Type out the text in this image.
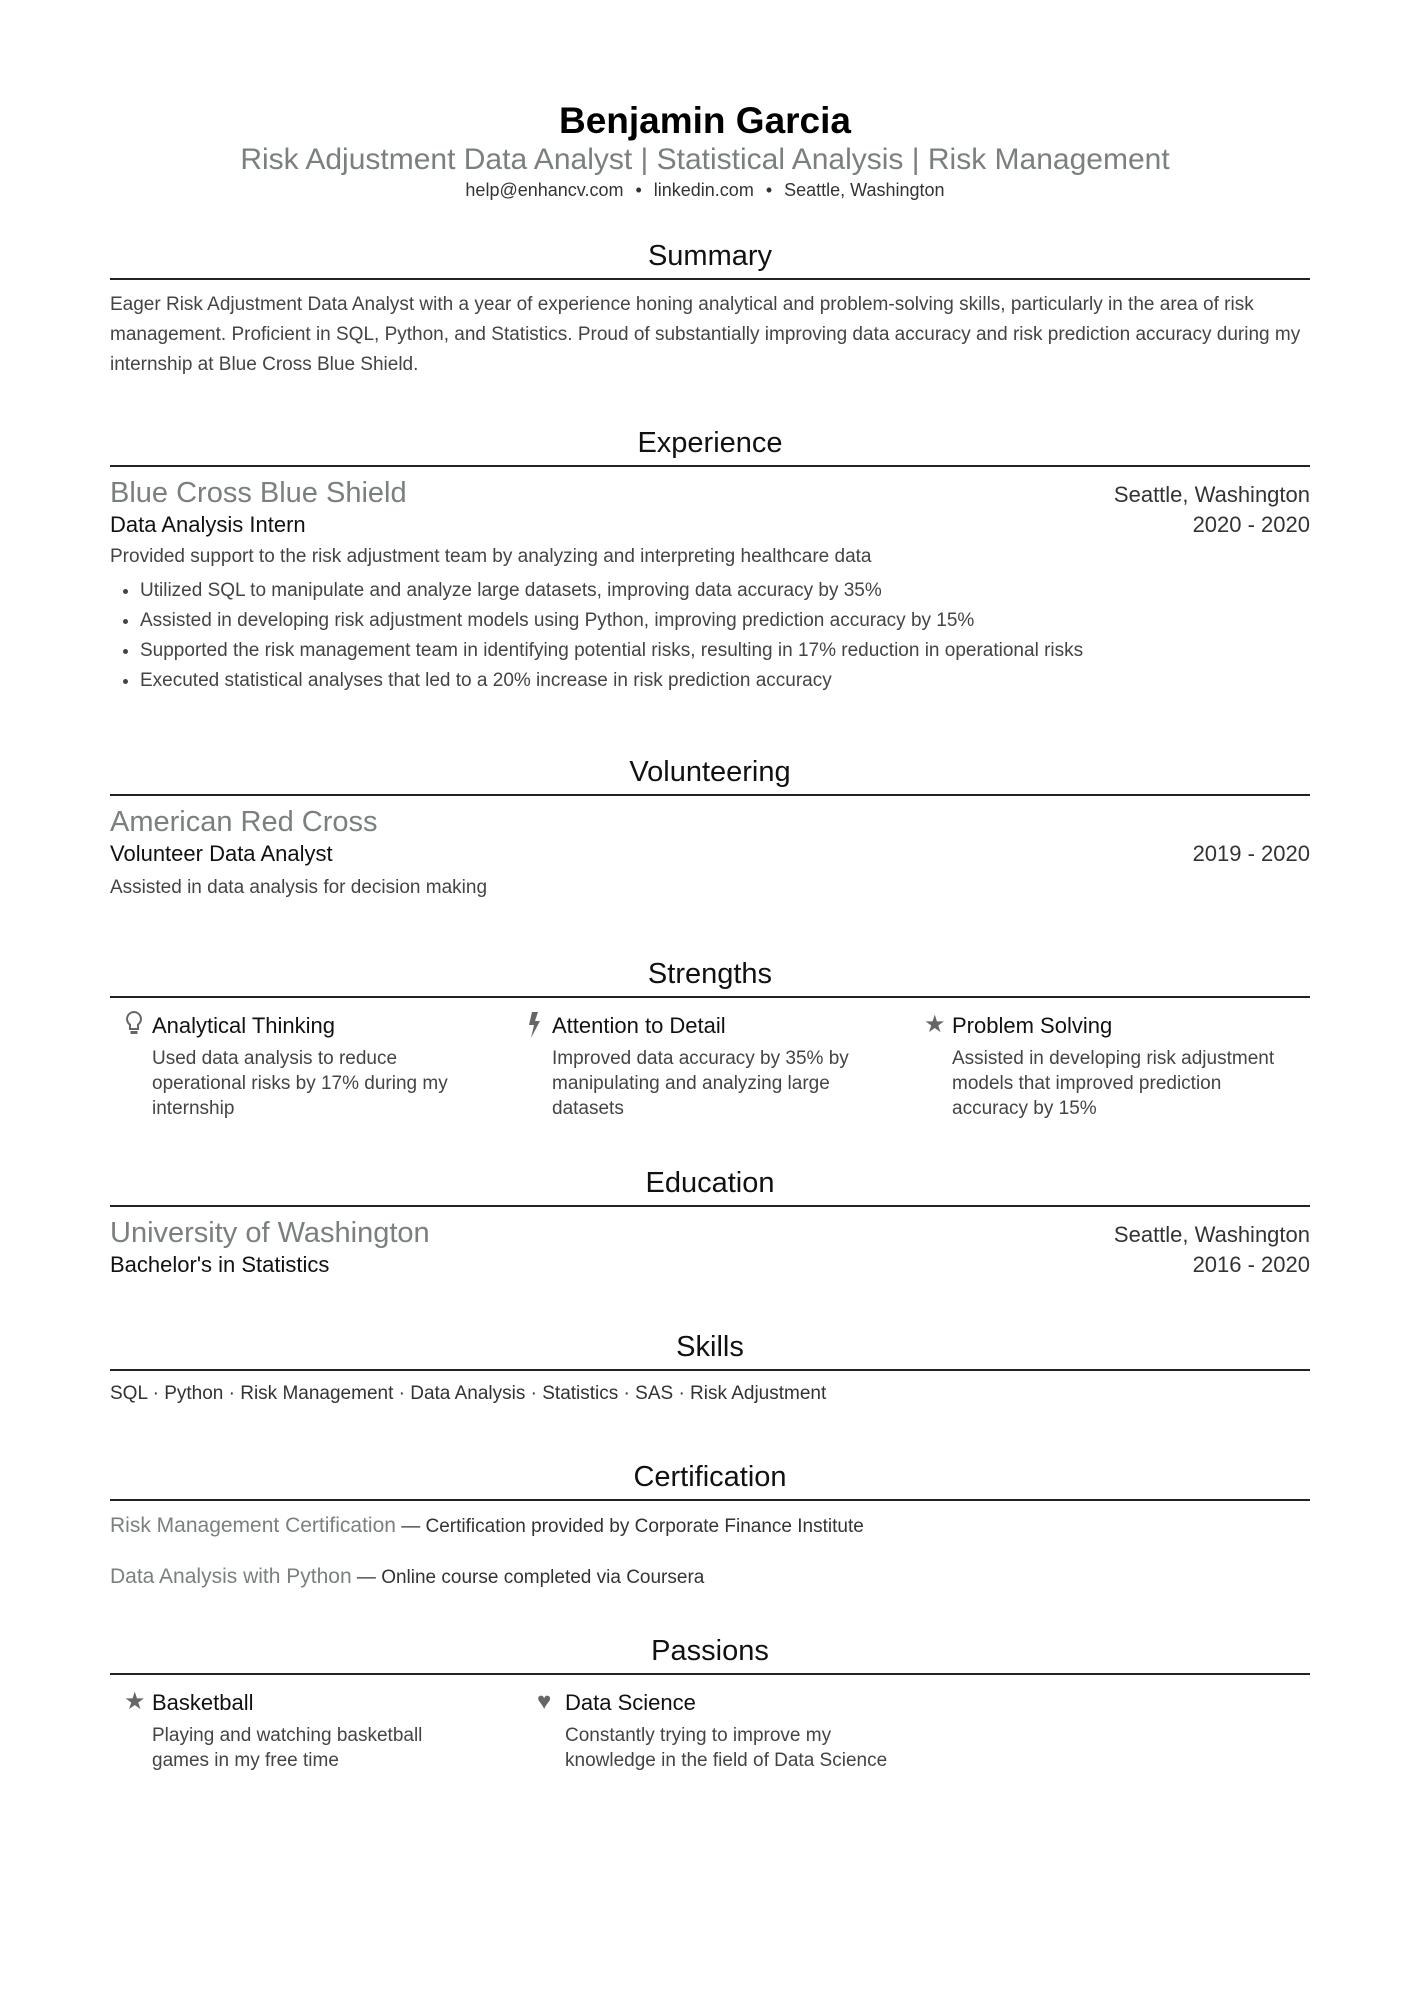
Benjamin Garcia
Risk Adjustment Data Analyst | Statistical Analysis | Risk Management
help@enhancv.com • linkedin.com • Seattle, Washington
Summary
Eager Risk Adjustment Data Analyst with a year of experience honing analytical and problem-solving skills, particularly in the area of risk management. Proficient in SQL, Python, and Statistics. Proud of substantially improving data accuracy and risk prediction accuracy during my internship at Blue Cross Blue Shield.
Experience
Blue Cross Blue Shield	Seattle, Washington
Data Analysis Intern	2020 - 2020
Provided support to the risk adjustment team by analyzing and interpreting healthcare data
• Utilized SQL to manipulate and analyze large datasets, improving data accuracy by 35%
• Assisted in developing risk adjustment models using Python, improving prediction accuracy by 15%
• Supported the risk management team in identifying potential risks, resulting in 17% reduction in operational risks
• Executed statistical analyses that led to a 20% increase in risk prediction accuracy
Volunteering
American Red Cross
Volunteer Data Analyst	2019 - 2020
Assisted in data analysis for decision making
Strengths
Analytical Thinking
Used data analysis to reduce operational risks by 17% during my internship
Attention to Detail
Improved data accuracy by 35% by manipulating and analyzing large datasets
★ Problem Solving
Assisted in developing risk adjustment models that improved prediction accuracy by 15%
Education
University of Washington	Seattle, Washington
Bachelor's in Statistics	2016 - 2020
Skills
SQL · Python · Risk Management · Data Analysis · Statistics · SAS · Risk Adjustment
Certification
Risk Management Certification — Certification provided by Corporate Finance Institute
Data Analysis with Python — Online course completed via Coursera
Passions
★ Basketball
Playing and watching basketball games in my free time
♥ Data Science
Constantly trying to improve my knowledge in the field of Data Science
